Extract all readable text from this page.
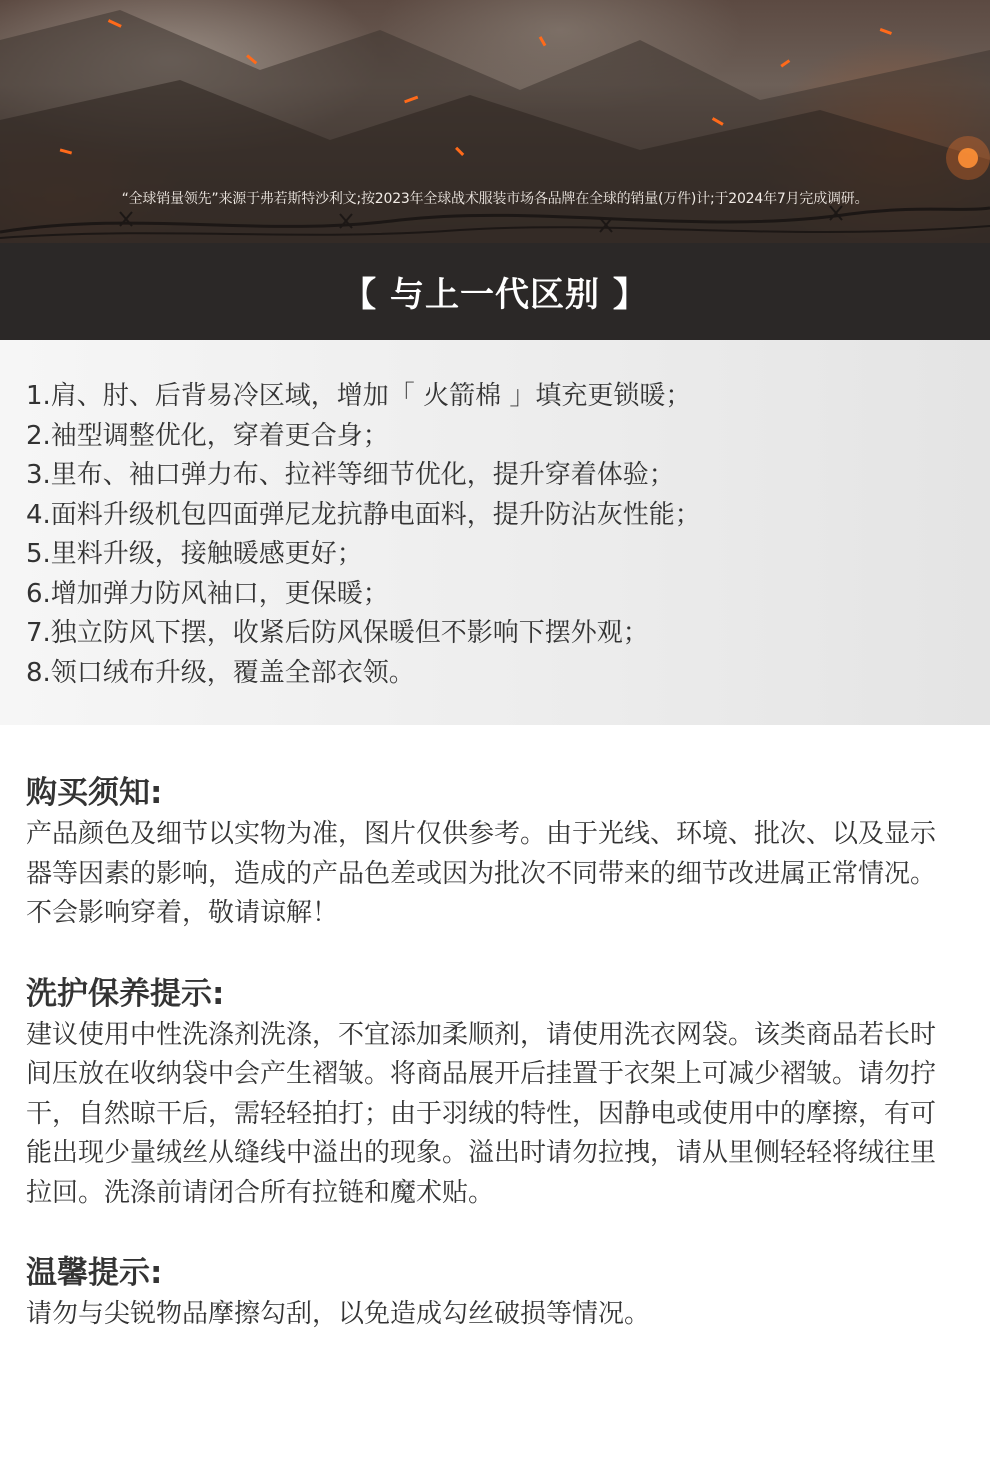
“全球销量领先”来源于弗若斯特沙利文;按2023年全球战术服装市场各品牌在全球的销量(万件)计;于2024年7月完成调研。
【 与上一代区别 】
1.肩、肘、后背易冷区域，增加「 火箭棉 」填充更锁暖；
2.袖型调整优化，穿着更合身；
3.里布、袖口弹力布、拉袢等细节优化，提升穿着体验；
4.面料升级机包四面弹尼龙抗静电面料，提升防沾灰性能；
5.里料升级，接触暖感更好；
6.增加弹力防风袖口，更保暖；
7.独立防风下摆，收紧后防风保暖但不影响下摆外观；
8.领口绒布升级，覆盖全部衣领。
购买须知:

产品颜色及细节以实物为准，图片仅供参考。由于光线、环境、批次、以及显示器等因素的影响，造成的产品色差或因为批次不同带来的细节改进属正常情况。不会影响穿着，敬请谅解！

洗护保养提示:

建议使用中性洗涤剂洗涤，不宜添加柔顺剂，请使用洗衣网袋。该类商品若长时间压放在收纳袋中会产生褶皱。将商品展开后挂置于衣架上可减少褶皱。请勿拧干，自然晾干后，需轻轻拍打；由于羽绒的特性，因静电或使用中的摩擦，有可能出现少量绒丝从缝线中溢出的现象。溢出时请勿拉拽，请从里侧轻轻将绒往里拉回。洗涤前请闭合所有拉链和魔术贴。

温馨提示:

请勿与尖锐物品摩擦勾刮，以免造成勾丝破损等情况。
